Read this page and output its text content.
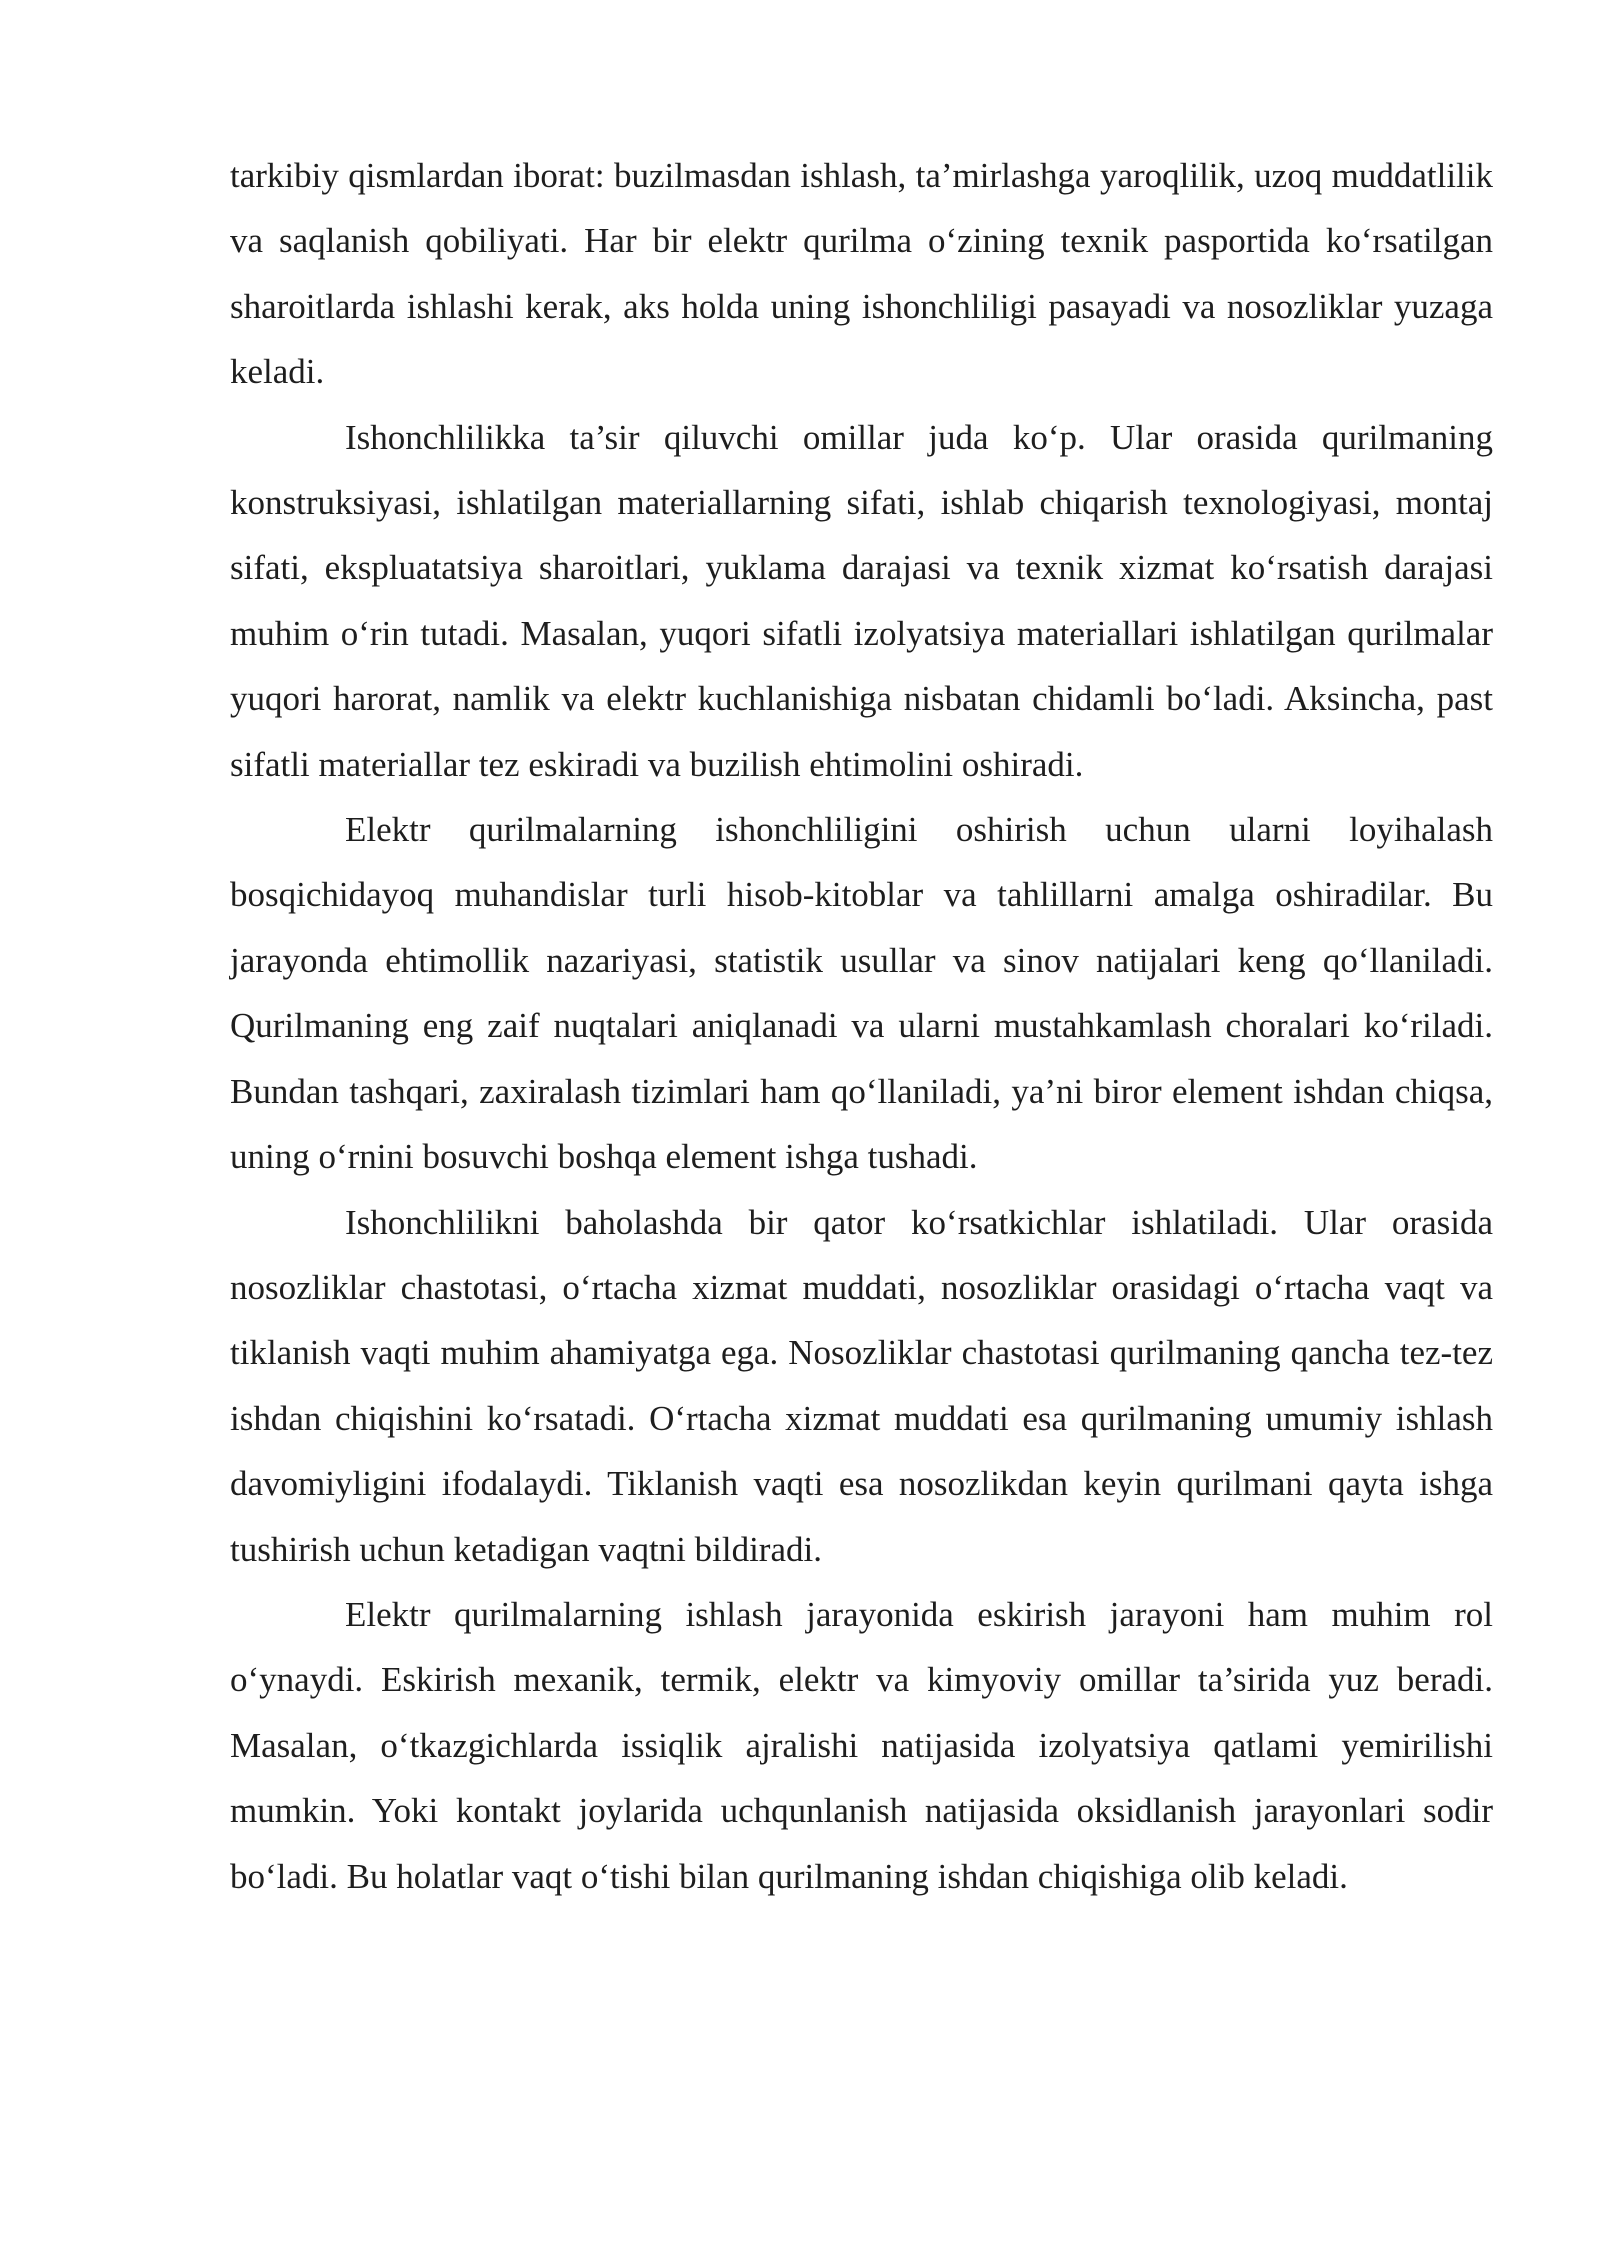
tarkibiy qismlardan iborat: buzilmasdan ishlash, ta’mirlashga yaroqlilik, uzoq muddatlilik va saqlanish qobiliyati. Har bir elektr qurilma o‘zining texnik pasportida ko‘rsatilgan sharoitlarda ishlashi kerak, aks holda uning ishonchliligi pasayadi va nosozliklar yuzaga keladi.

Ishonchlilikka ta’sir qiluvchi omillar juda ko‘p. Ular orasida qurilmaning konstruksiyasi, ishlatilgan materiallarning sifati, ishlab chiqarish texnologiyasi, montaj sifati, ekspluatatsiya sharoitlari, yuklama darajasi va texnik xizmat ko‘rsatish darajasi muhim o‘rin tutadi. Masalan, yuqori sifatli izolyatsiya materiallari ishlatilgan qurilmalar yuqori harorat, namlik va elektr kuchlanishiga nisbatan chidamli bo‘ladi. Aksincha, past sifatli materiallar tez eskiradi va buzilish ehtimolini oshiradi.

Elektr qurilmalarning ishonchliligini oshirish uchun ularni loyihalash bosqichidayoq muhandislar turli hisob-kitoblar va tahlillarni amalga oshiradilar. Bu jarayonda ehtimollik nazariyasi, statistik usullar va sinov natijalari keng qo‘llaniladi. Qurilmaning eng zaif nuqtalari aniqlanadi va ularni mustahkamlash choralari ko‘riladi. Bundan tashqari, zaxiralash tizimlari ham qo‘llaniladi, ya’ni biror element ishdan chiqsa, uning o‘rnini bosuvchi boshqa element ishga tushadi.

Ishonchlilikni baholashda bir qator ko‘rsatkichlar ishlatiladi. Ular orasida nosozliklar chastotasi, o‘rtacha xizmat muddati, nosozliklar orasidagi o‘rtacha vaqt va tiklanish vaqti muhim ahamiyatga ega. Nosozliklar chastotasi qurilmaning qancha tez-tez ishdan chiqishini ko‘rsatadi. O‘rtacha xizmat muddati esa qurilmaning umumiy ishlash davomiyligini ifodalaydi. Tiklanish vaqti esa nosozlikdan keyin qurilmani qayta ishga tushirish uchun ketadigan vaqtni bildiradi.

Elektr qurilmalarning ishlash jarayonida eskirish jarayoni ham muhim rol o‘ynaydi. Eskirish mexanik, termik, elektr va kimyoviy omillar ta’sirida yuz beradi. Masalan, o‘tkazgichlarda issiqlik ajralishi natijasida izolyatsiya qatlami yemirilishi mumkin. Yoki kontakt joylarida uchqunlanish natijasida oksidlanish jarayonlari sodir bo‘ladi. Bu holatlar vaqt o‘tishi bilan qurilmaning ishdan chiqishiga olib keladi.
